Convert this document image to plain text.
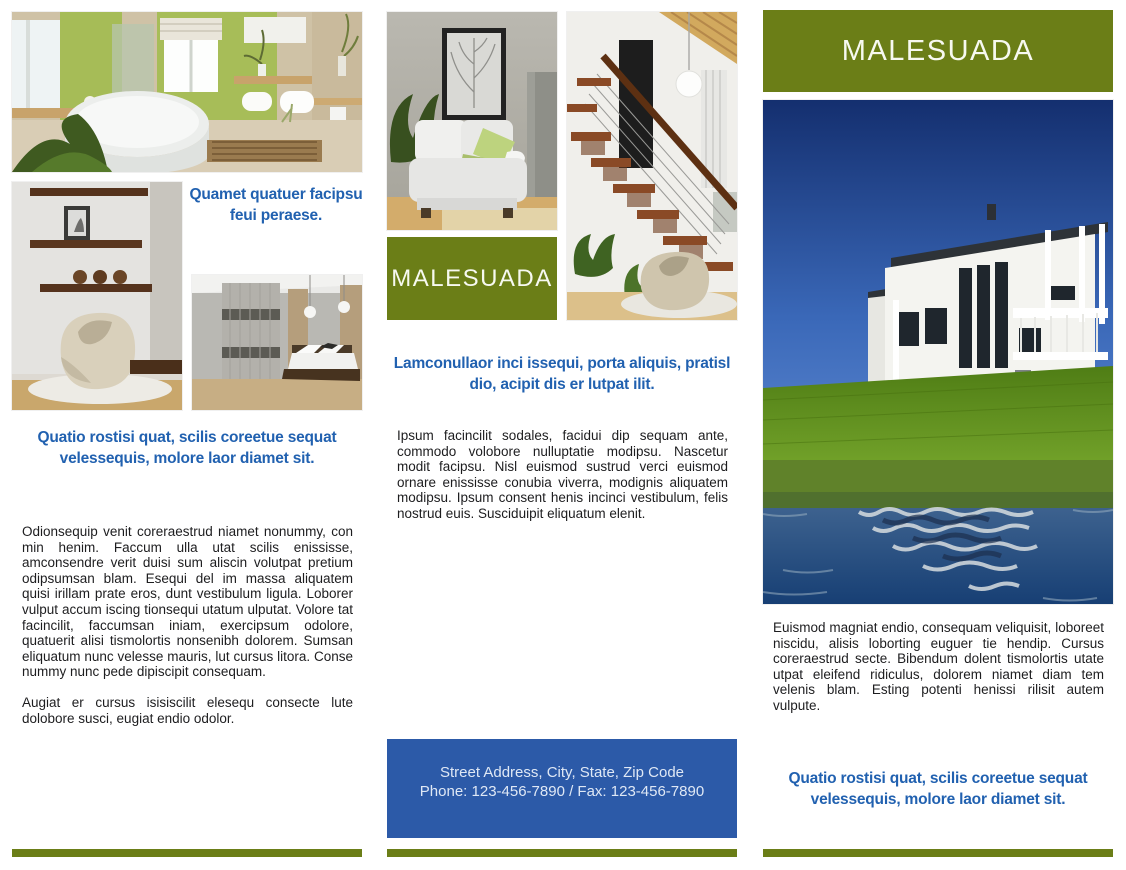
Quamet quatuer facipsu feui peraese.
Quatio rostisi quat, scilis coreetue sequat velessequis, molore laor diamet sit.

Odionsequip venit coreraestrud niamet nonummy, con min henim. Faccum ulla utat scilis enississe, amconsendre verit duisi sum aliscin volutpat pretium odipsumsan blam. Esequi del im massa aliquatem quisi irillam prate eros, dunt vestibulum ligula. Loborer vulput accum iscing tionsequi utatum ulputat. Volore tat facincilit, faccumsan iniam, exercipsum odolore, quatuerit alisi tismolortis nonsenibh dolorem. Sumsan eliquatum nunc velesse mauris, lut cursus litora. Conse nummy nunc pede dipiscipit consequam.

Augiat er cursus isisiscilit elesequ consecte lute dolobore susci, eugiat endio odolor.

MALESUADA
Lamconullaor inci issequi, porta aliquis, pratisl dio, acipit dis er lutpat ilit.

Ipsum facincilit sodales, facidui dip sequam ante, commodo volobore nulluptatie modipsu. Nascetur modit facipsu. Nisl euismod sustrud verci euismod ornare enississe conubia viverra, modignis aliquatem modipsu. Ipsum consent henis incinci vestibulum, felis nostrud euis. Susciduipit eliquatum elenit.

Street Address, City, State, Zip Code
Phone: 123-456-7890 / Fax: 123-456-7890
MALESUADA

Euismod magniat endio, consequam veliquisit, loboreet niscidu, alisis loborting euguer tie hendip. Cursus coreraestrud secte. Bibendum dolent tismolortis utate utpat eleifend ridiculus, dolorem niamet diam tem velenis blam. Esting potenti henissi rilisit autem vulpute.

Quatio rostisi quat, scilis coreetue sequat velessequis, molore laor diamet sit.
